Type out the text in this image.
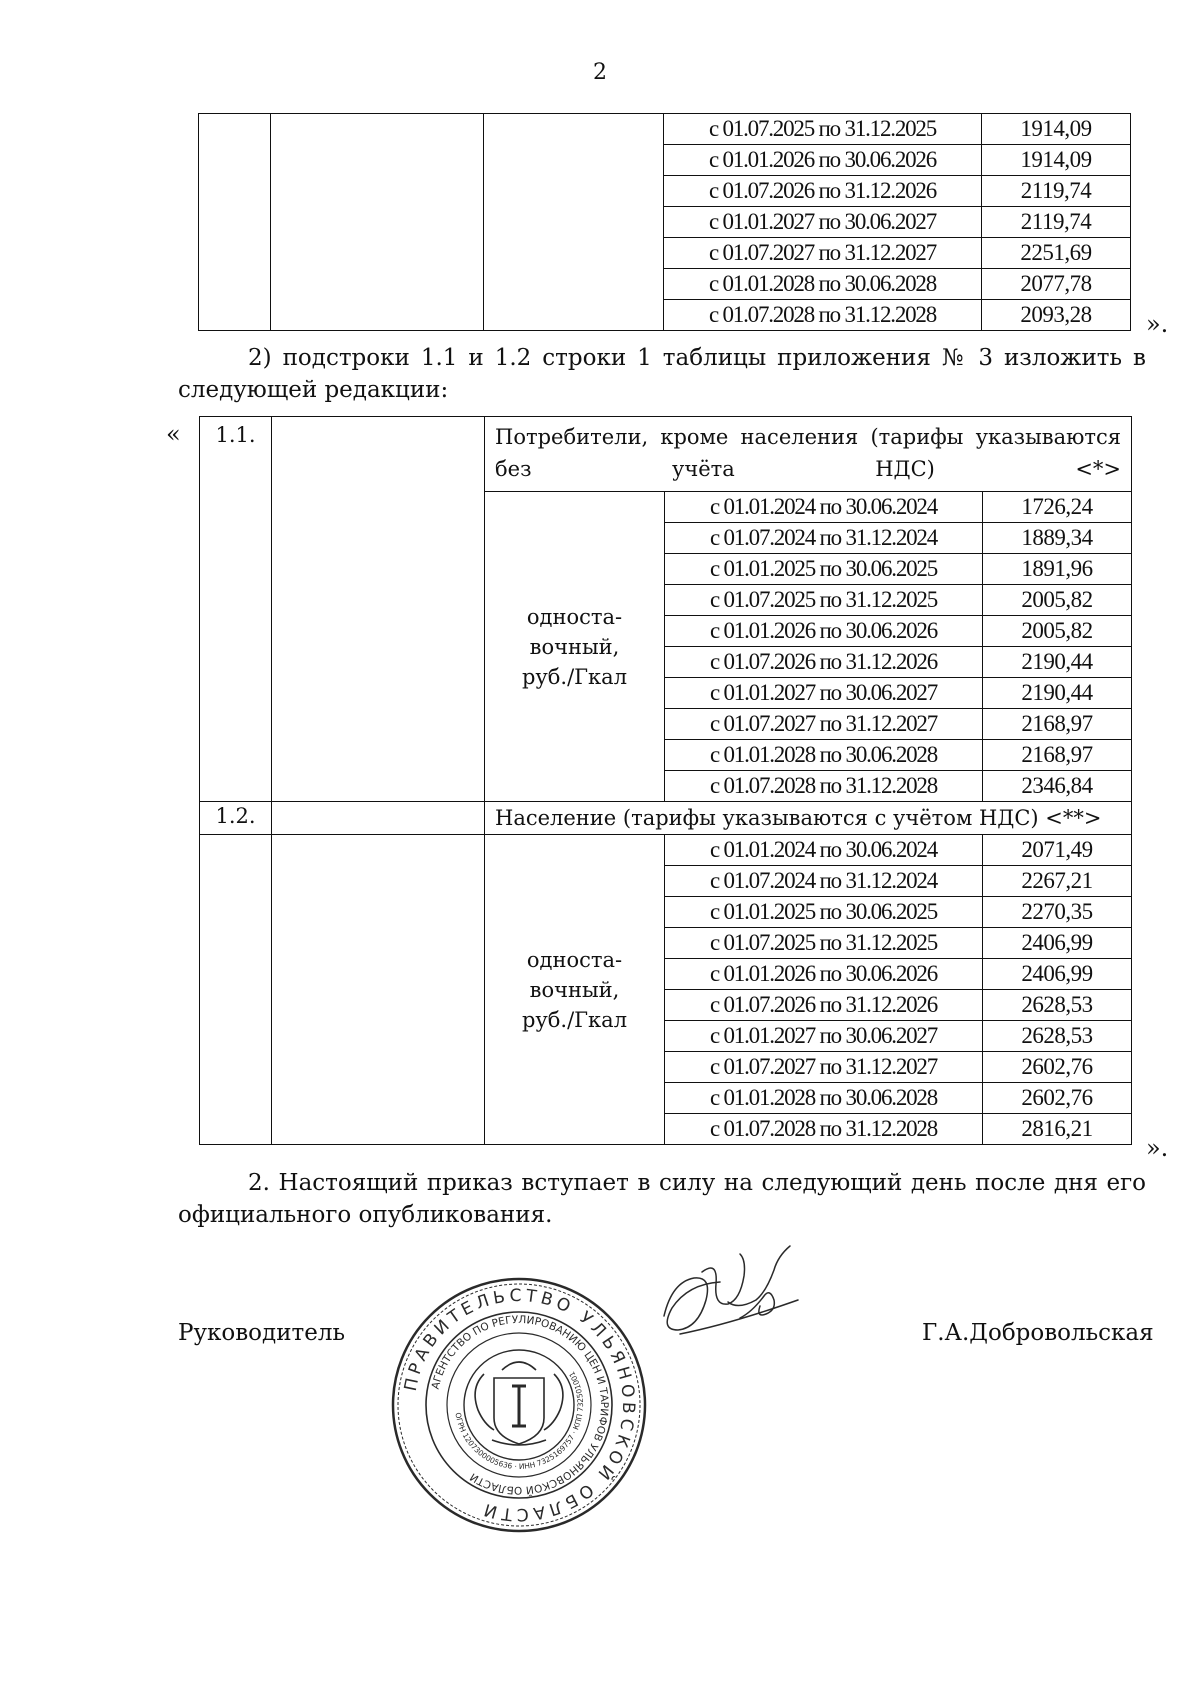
2
			с 01.07.2025 по 31.12.2025	1914,09
			с 01.01.2026 по 30.06.2026	1914,09
			с 01.07.2026 по 31.12.2026	2119,74
			с 01.01.2027 по 30.06.2027	2119,74
			с 01.07.2027 по 31.12.2027	2251,69
			с 01.01.2028 по 30.06.2028	2077,78
			с 01.07.2028 по 31.12.2028	2093,28 ».
2) подстроки 1.1 и 1.2 строки 1 таблицы приложения № 3 изложить в следующей редакции:
« 1.1.		Потребители, кроме населения (тарифы указываются без учёта НДС) <*>		

		односта-
вочный,
руб./Гкал	с 01.01.2024 по 30.06.2024	1726,24
			с 01.07.2024 по 31.12.2024	1889,34
			с 01.01.2025 по 30.06.2025	1891,96
			с 01.07.2025 по 31.12.2025	2005,82
			с 01.01.2026 по 30.06.2026	2005,82
			с 01.07.2026 по 31.12.2026	2190,44
			с 01.01.2027 по 30.06.2027	2190,44
			с 01.07.2027 по 31.12.2027	2168,97
			с 01.01.2028 по 30.06.2028	2168,97
			с 01.07.2028 по 31.12.2028	2346,84
1.2.		Население (тарифы указываются с учётом НДС) <**>		

		односта-
вочный,
руб./Гкал	с 01.01.2024 по 30.06.2024	2071,49
			с 01.07.2024 по 31.12.2024	2267,21
			с 01.01.2025 по 30.06.2025	2270,35
			с 01.07.2025 по 31.12.2025	2406,99
			с 01.01.2026 по 30.06.2026	2406,99
			с 01.07.2026 по 31.12.2026	2628,53
			с 01.01.2027 по 30.06.2027	2628,53
			с 01.07.2027 по 31.12.2027	2602,76
			с 01.01.2028 по 30.06.2028	2602,76
			с 01.07.2028 по 31.12.2028	2816,21
».
2. Настоящий приказ вступает в силу на следующий день после дня его официального опубликования.
Руководитель	Г.А.Добровольская
ПРАВИТЕЛЬСТВО УЛЬЯНОВСКОЙ ОБЛАСТИ
АГЕНТСТВО ПО РЕГУЛИРОВАНИЮ ЦЕН И ТАРИФОВ УЛЬЯНОВСКОЙ ОБЛАСТИ
ОГРН 1207300005636 · ИНН 7325169757 · КПП 732501001
